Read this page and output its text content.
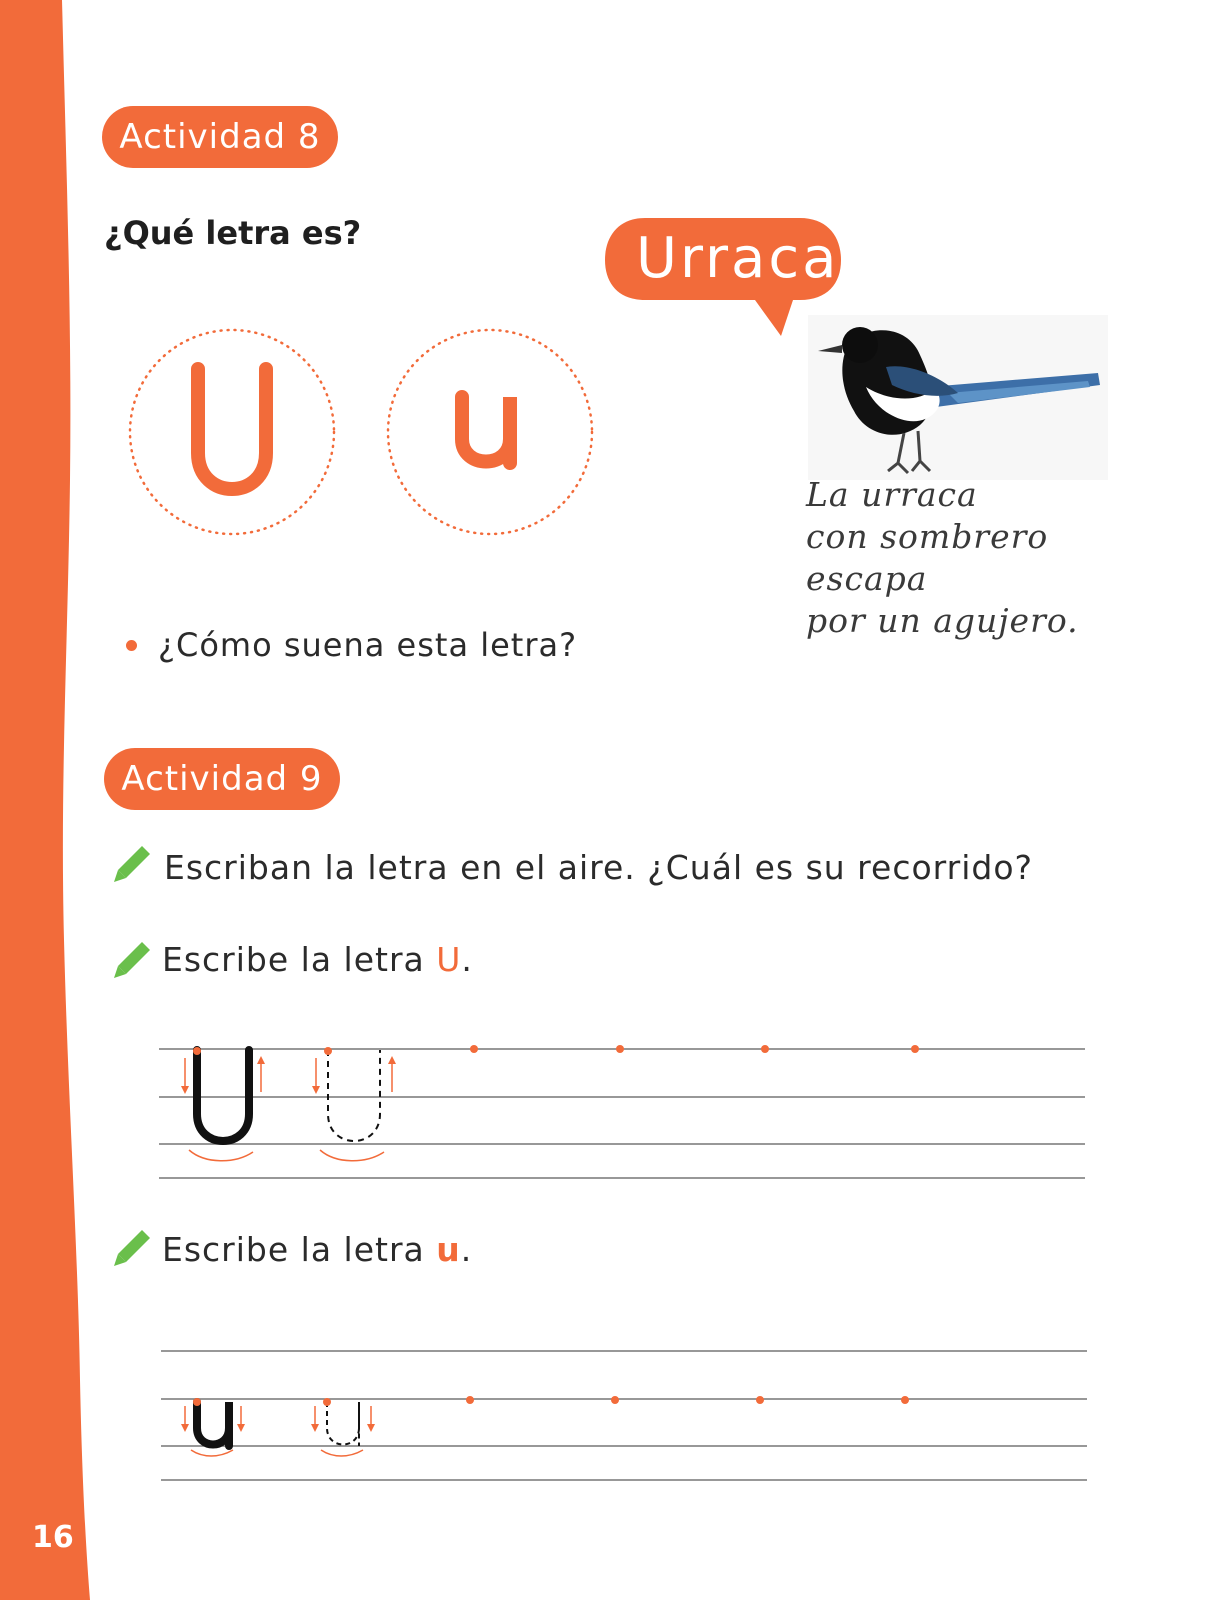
Actividad 8
¿Qué letra es?	Urraca
La urraca
con sombrero
escapa
por un agujero.
¿Cómo suena esta letra?
Actividad 9
Escriban la letra en el aire. ¿Cuál es su recorrido?
Escribe la letra U.
Escribe la letra u.
16
